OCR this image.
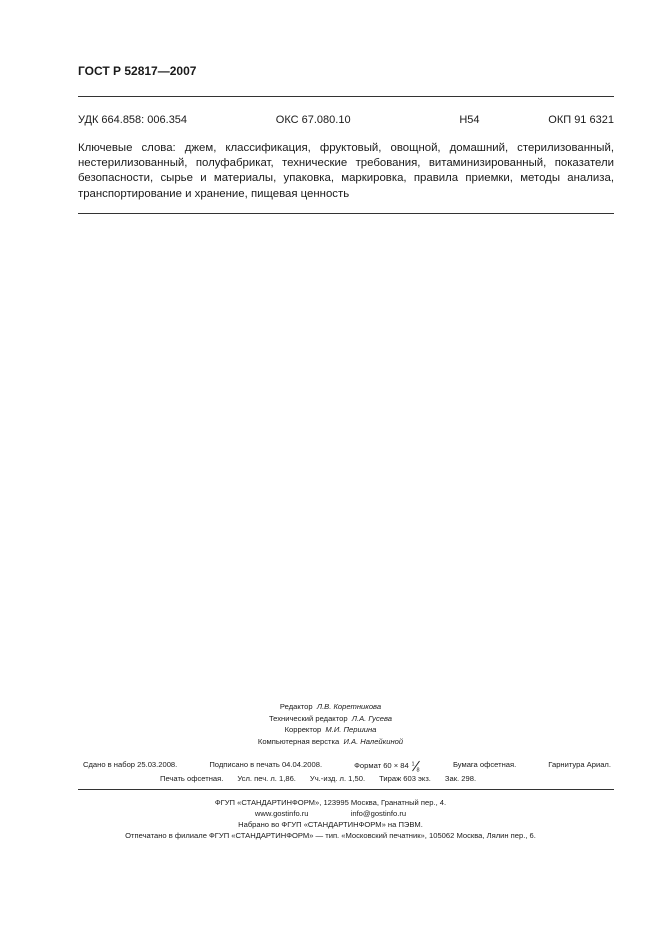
ГОСТ Р 52817—2007
УДК 664.858: 006.354	ОКС 67.080.10	Н54	ОКП 91 6321
Ключевые слова: джем, классификация, фруктовый, овощной, домашний, стерилизованный, нестерилизованный, полуфабрикат, технические требования, витаминизированный, показатели безопасности, сырье и материалы, упаковка, маркировка, правила приемки, методы анализа, транспортирование и хранение, пищевая ценность
Редактор Л.В. Коретникова
Технический редактор Л.А. Гусева
Корректор М.И. Першина
Компьютерная верстка И.А. Налейкиной
Сдано в набор 25.03.2008.	Подписано в печать 04.04.2008.	Формат 60 × 84 1
8
Бумага офсетная.	Гарнитура Ариал.
Печать офсетная. Усл. печ. л. 1,86. Уч.-изд. л. 1,50. Тираж 603 экз. Зак. 298.
ФГУП «СТАНДАРТИНФОРМ», 123995 Москва, Гранатный пер., 4.
www.gostinfo.ru	info@gostinfo.ru
Набрано во ФГУП «СТАНДАРТИНФОРМ» на ПЭВМ.
Отпечатано в филиале ФГУП «СТАНДАРТИНФОРМ» — тип. «Московский печатник», 105062 Москва, Лялин пер., 6.
